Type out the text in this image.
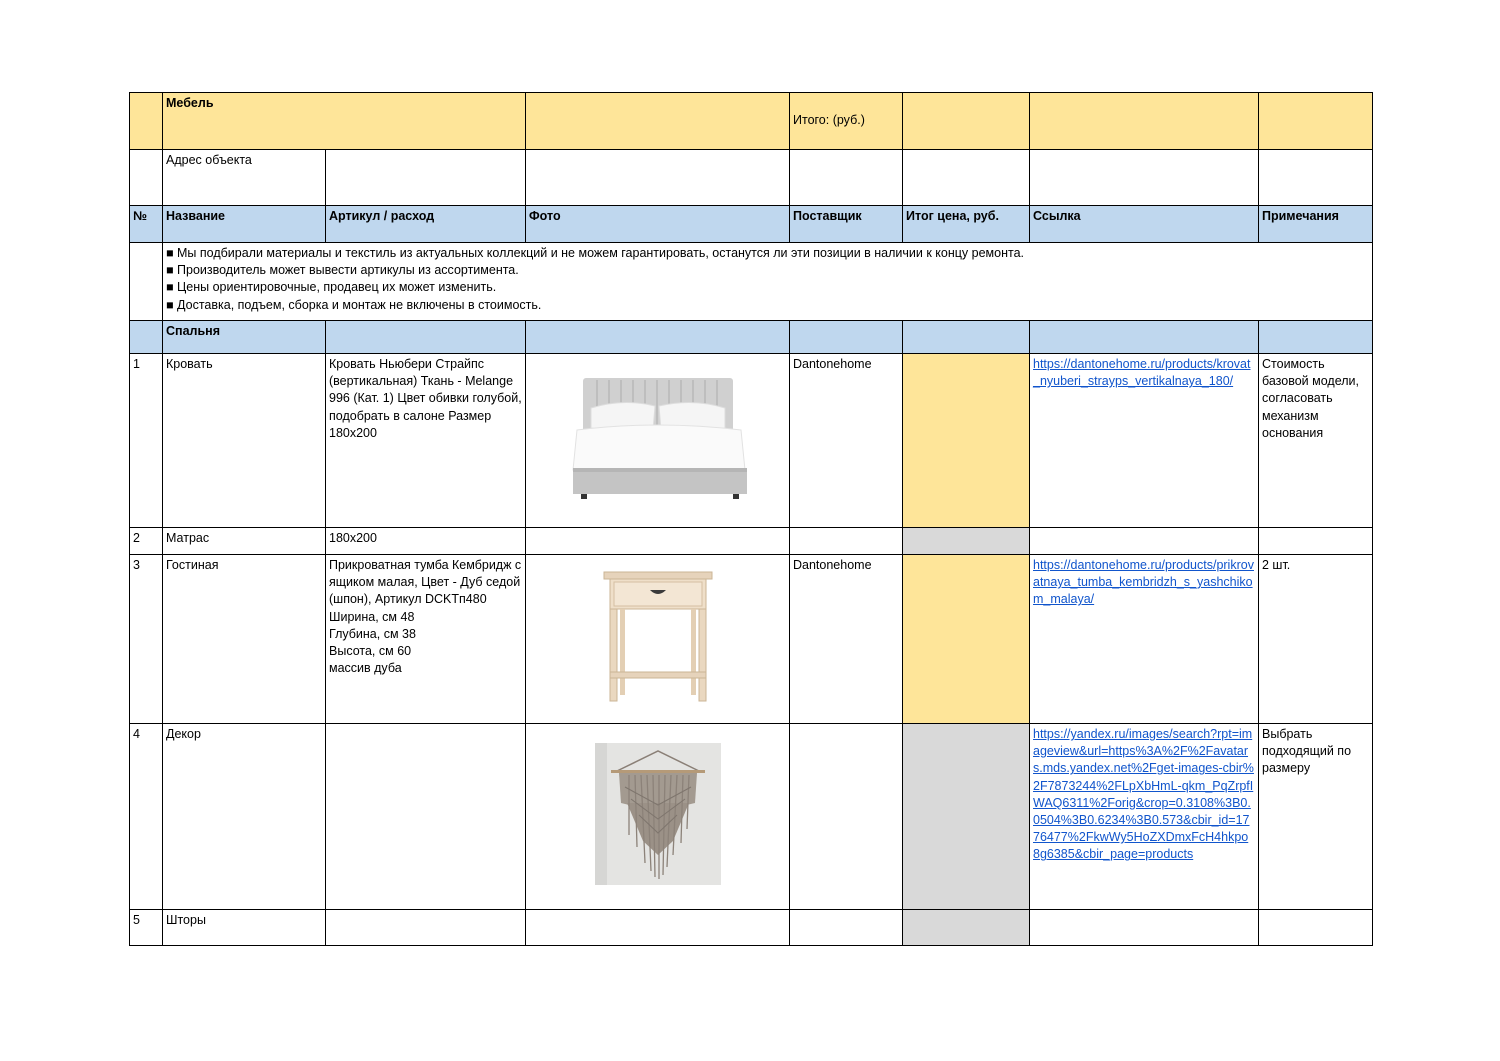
	Мебель			Итого: (руб.)			
	Адрес объекта						
№	Название	Артикул / расход	Фото	Поставщик	Итог цена, руб.	Ссылка	Примечания

	■ Мы подбирали материалы и текстиль из актуальных коллекций и не можем гарантировать, останутся ли эти позиции в наличии к концу ремонта.
■ Производитель может вывести артикулы из ассортимента.
■ Цены ориентировочные, продавец их может изменить.
■ Доставка, подъем, сборка и монтаж не включены в стоимость.						

	Спальня						
1	Кровать	Кровать Ньюбери Страйпс (вертикальная) Ткань - Melange 996 (Кат. 1) Цвет обивки голубой, подобрать в салоне Размер
180х200		Dantonehome		https://dantonehome.ru/products/krovat_nyuberi_strayps_vertikalnaya_180/	Стоимость базовой модели, согласовать механизм основания
2	Матрас	180х200					
3	Гостиная	Прикроватная тумба Кембридж с ящиком малая, Цвет - Дуб седой (шпон), Артикул DCKTп480
Ширина, см 48
Глубина, см 38
Высота, см 60
массив дуба		Dantonehome		https://dantonehome.ru/products/prikrovatnaya_tumba_kembridzh_s_yashchikom_malaya/	2 шт.
4	Декор					https://yandex.ru/images/search?rpt=imageview&url=https%3A%2F%2Favatars.mds.yandex.net%2Fget-images-cbir%2F7873244%2FLpXbHmL-qkm_PqZrpfIWAQ6311%2Forig&crop=0.3108%3B0.0504%3B0.6234%3B0.573&cbir_id=1776477%2FkwWy5HoZXDmxFcH4hkpo8g6385&cbir_page=products	Выбрать подходящий по размеру
5	Шторы						
